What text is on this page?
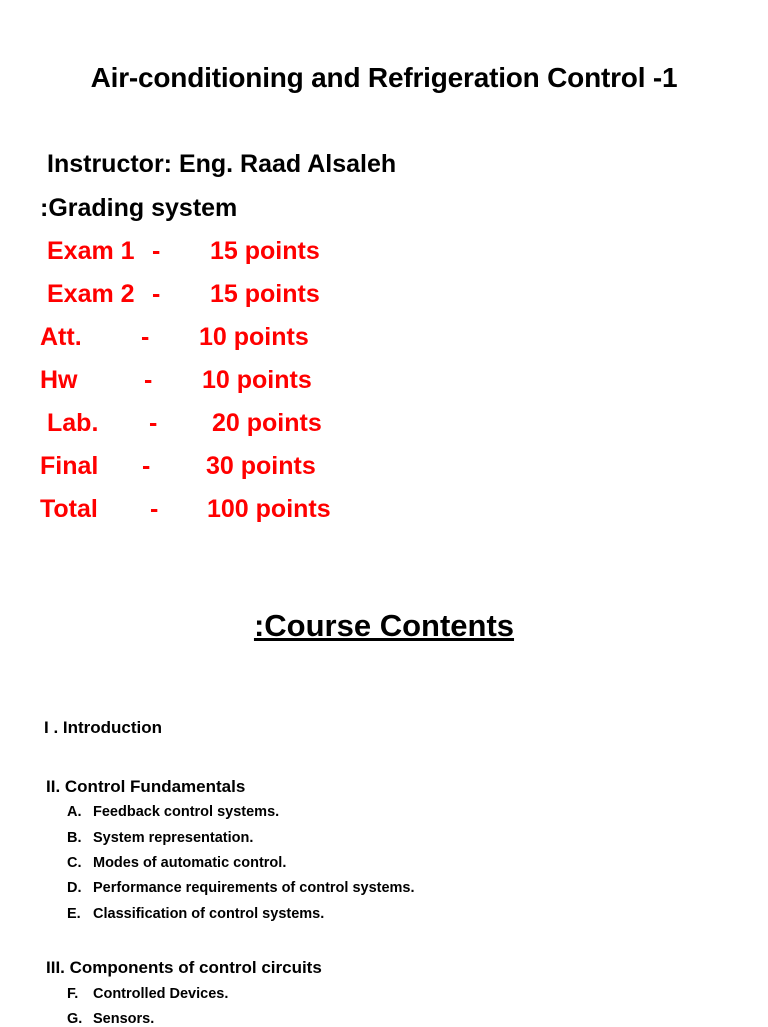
Air-conditioning and Refrigeration Control -1
Instructor: Eng. Raad Alsaleh
:Grading system
Exam 1 - 15 points
Exam 2 - 15 points
Att. - 10 points
Hw	- 10 points
Lab. - 20 points
Final - 30 points
Total - 100 points
:Course Contents
I . Introduction
II. Control Fundamentals
A. Feedback control systems.
B. System representation.
C. Modes of automatic control.
D. Performance requirements of control systems.
E. Classification of control systems.
III. Components of control circuits
F. Controlled Devices.
G. Sensors.
